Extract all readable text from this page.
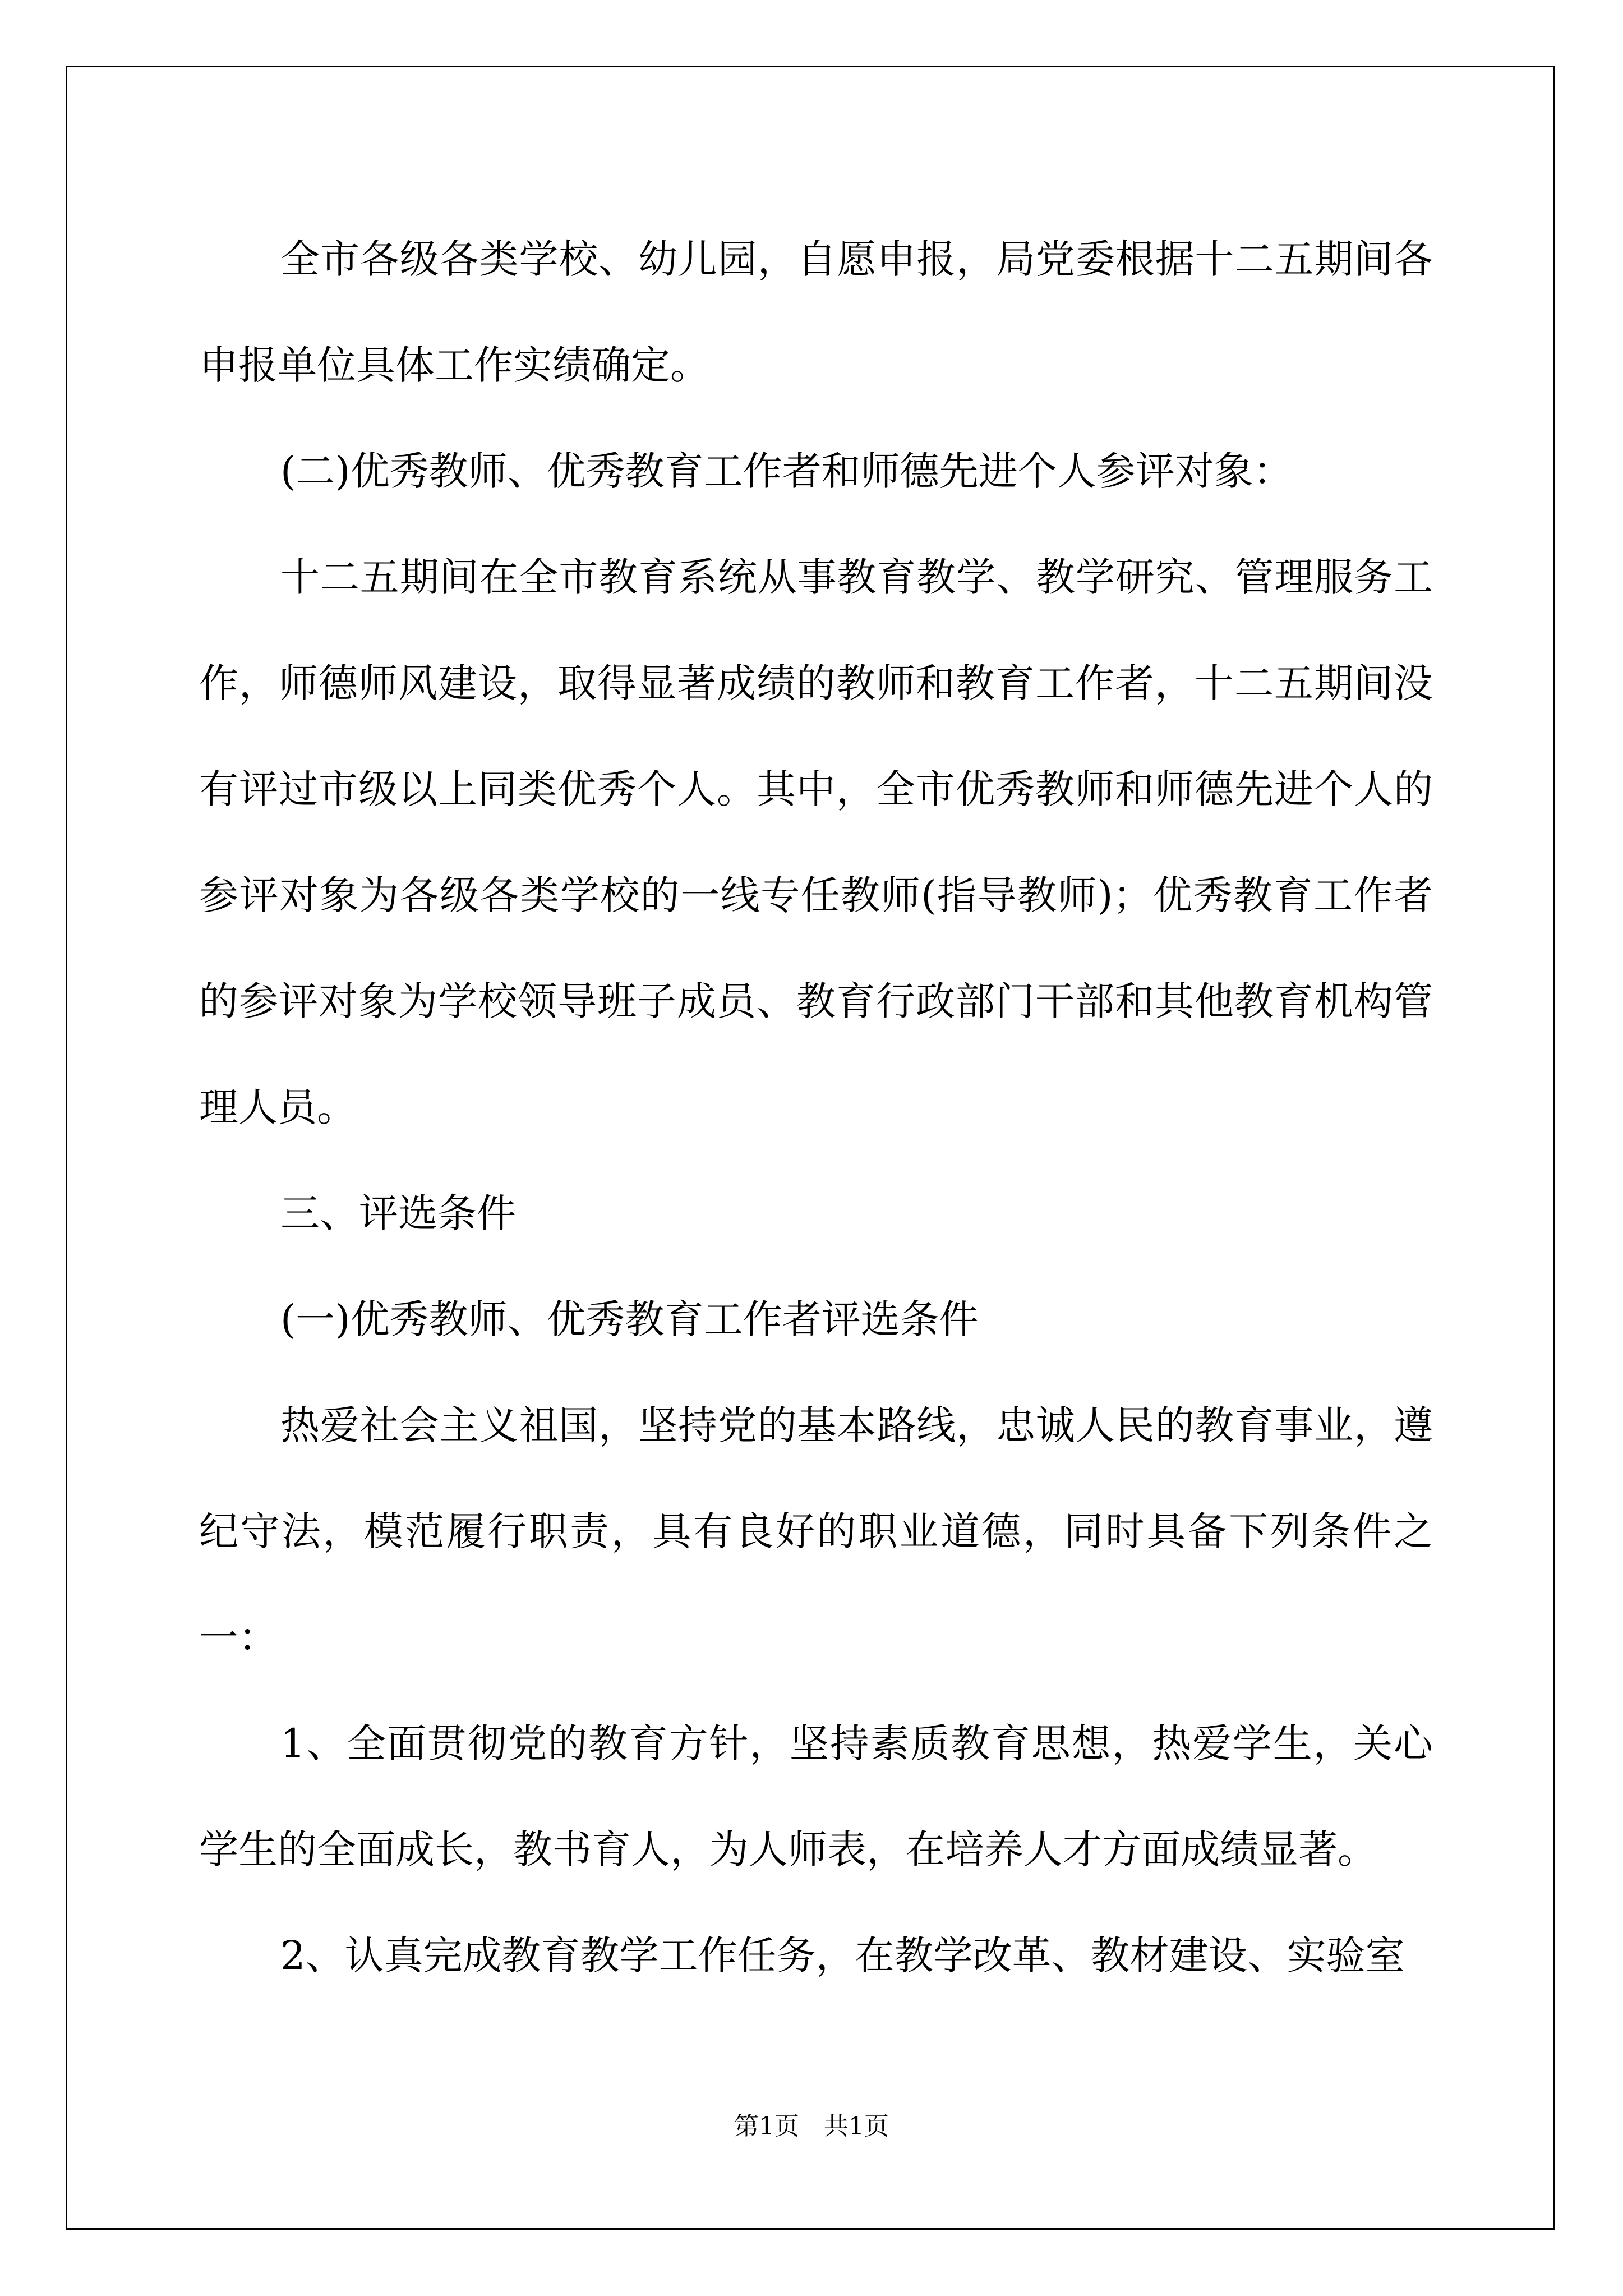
全市各级各类学校、幼儿园，自愿申报，局党委根据十二五期间各申报单位具体工作实绩确定。

(二)优秀教师、优秀教育工作者和师德先进个人参评对象：

十二五期间在全市教育系统从事教育教学、教学研究、管理服务工作，师德师风建设，取得显著成绩的教师和教育工作者，十二五期间没有评过市级以上同类优秀个人。其中，全市优秀教师和师德先进个人的参评对象为各级各类学校的一线专任教师(指导教师)；优秀教育工作者的参评对象为学校领导班子成员、教育行政部门干部和其他教育机构管理人员。

三、评选条件

(一)优秀教师、优秀教育工作者评选条件

热爱社会主义祖国，坚持党的基本路线，忠诚人民的教育事业，遵纪守法，模范履行职责，具有良好的职业道德，同时具备下列条件之一：

1、全面贯彻党的教育方针，坚持素质教育思想，热爱学生，关心学生的全面成长，教书育人，为人师表，在培养人才方面成绩显著。

2、认真完成教育教学工作任务，在教学改革、教材建设、实验室

第1页　共1页
